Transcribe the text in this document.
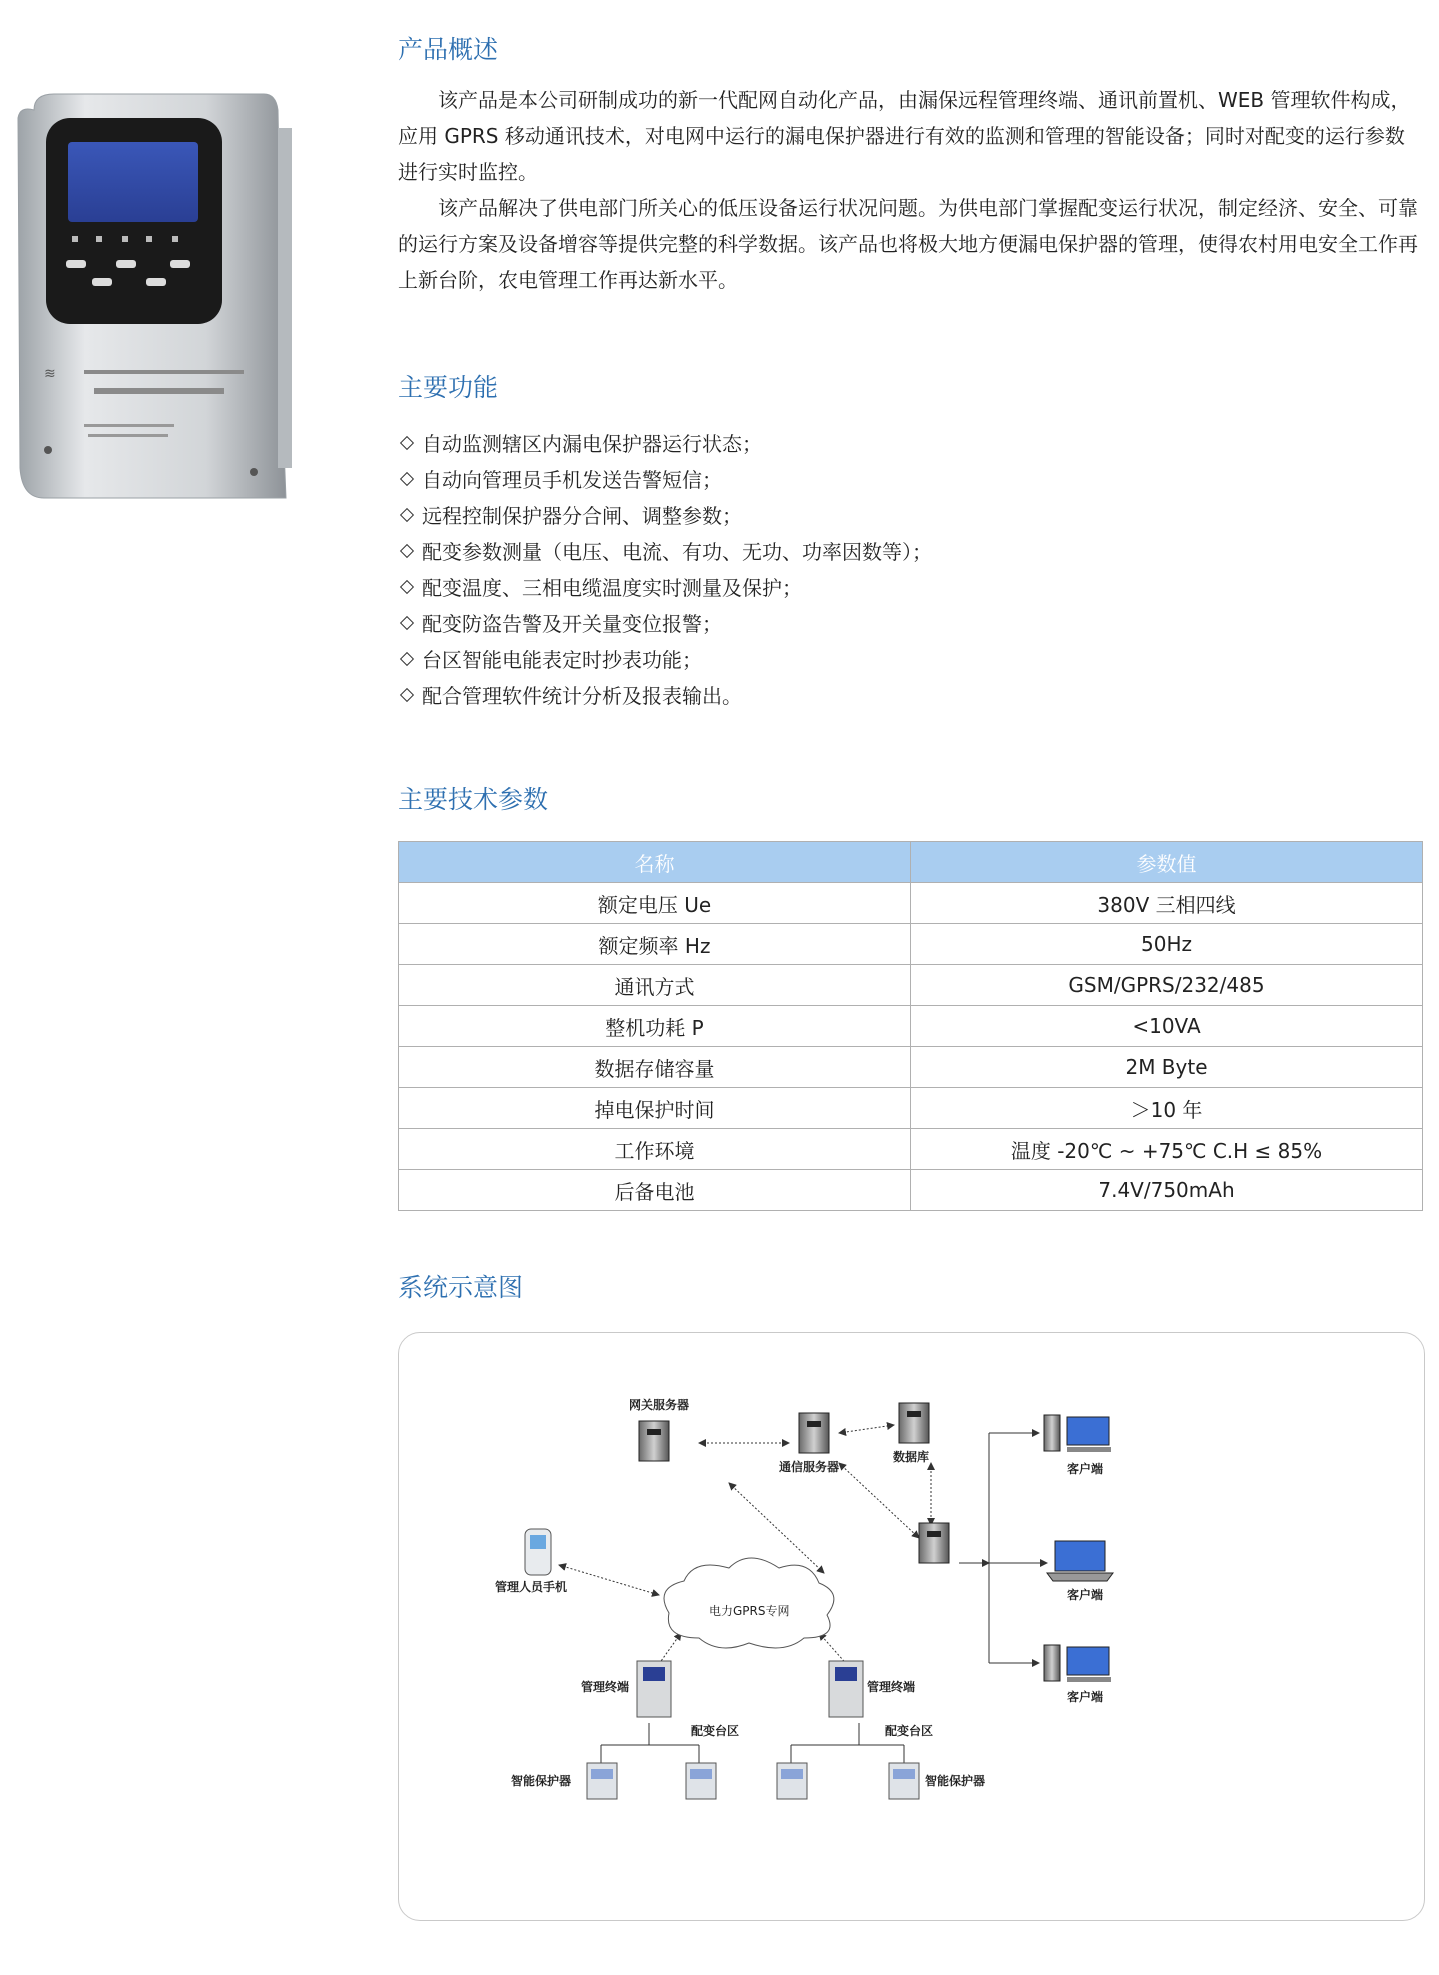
≋
产品概述

该产品是本公司研制成功的新一代配网自动化产品，由漏保远程管理终端、通讯前置机、WEB 管理软件构成，应用 GPRS 移动通讯技术，对电网中运行的漏电保护器进行有效的监测和管理的智能设备；同时对配变的运行参数进行实时监控。

该产品解决了供电部门所关心的低压设备运行状况问题。为供电部门掌握配变运行状况，制定经济、安全、可靠的运行方案及设备增容等提供完整的科学数据。该产品也将极大地方便漏电保护器的管理，使得农村用电安全工作再上新台阶，农电管理工作再达新水平。

主要功能
自动监测辖区内漏电保护器运行状态；
自动向管理员手机发送告警短信；
远程控制保护器分合闸、调整参数；
配变参数测量（电压、电流、有功、无功、功率因数等）；
配变温度、三相电缆温度实时测量及保护；
配变防盗告警及开关量变位报警；
台区智能电能表定时抄表功能；
配合管理软件统计分析及报表输出。
主要技术参数
名称	参数值
额定电压 Ue	380V 三相四线
额定频率 Hz	50Hz
通讯方式	GSM/GPRS/232/485
整机功耗 P	<10VA
数据存储容量	2M Byte
掉电保护时间	＞10 年
工作环境	温度 -20℃ ~ +75℃ C.H ≤ 85%
后备电池	7.4V/750mAh
系统示意图
网关服务器
通信服务器
数据库
客户端
客户端
客户端
管理人员手机
电力GPRS专网
管理终端	管理终端
配变台区	配变台区
智能保护器	智能保护器
